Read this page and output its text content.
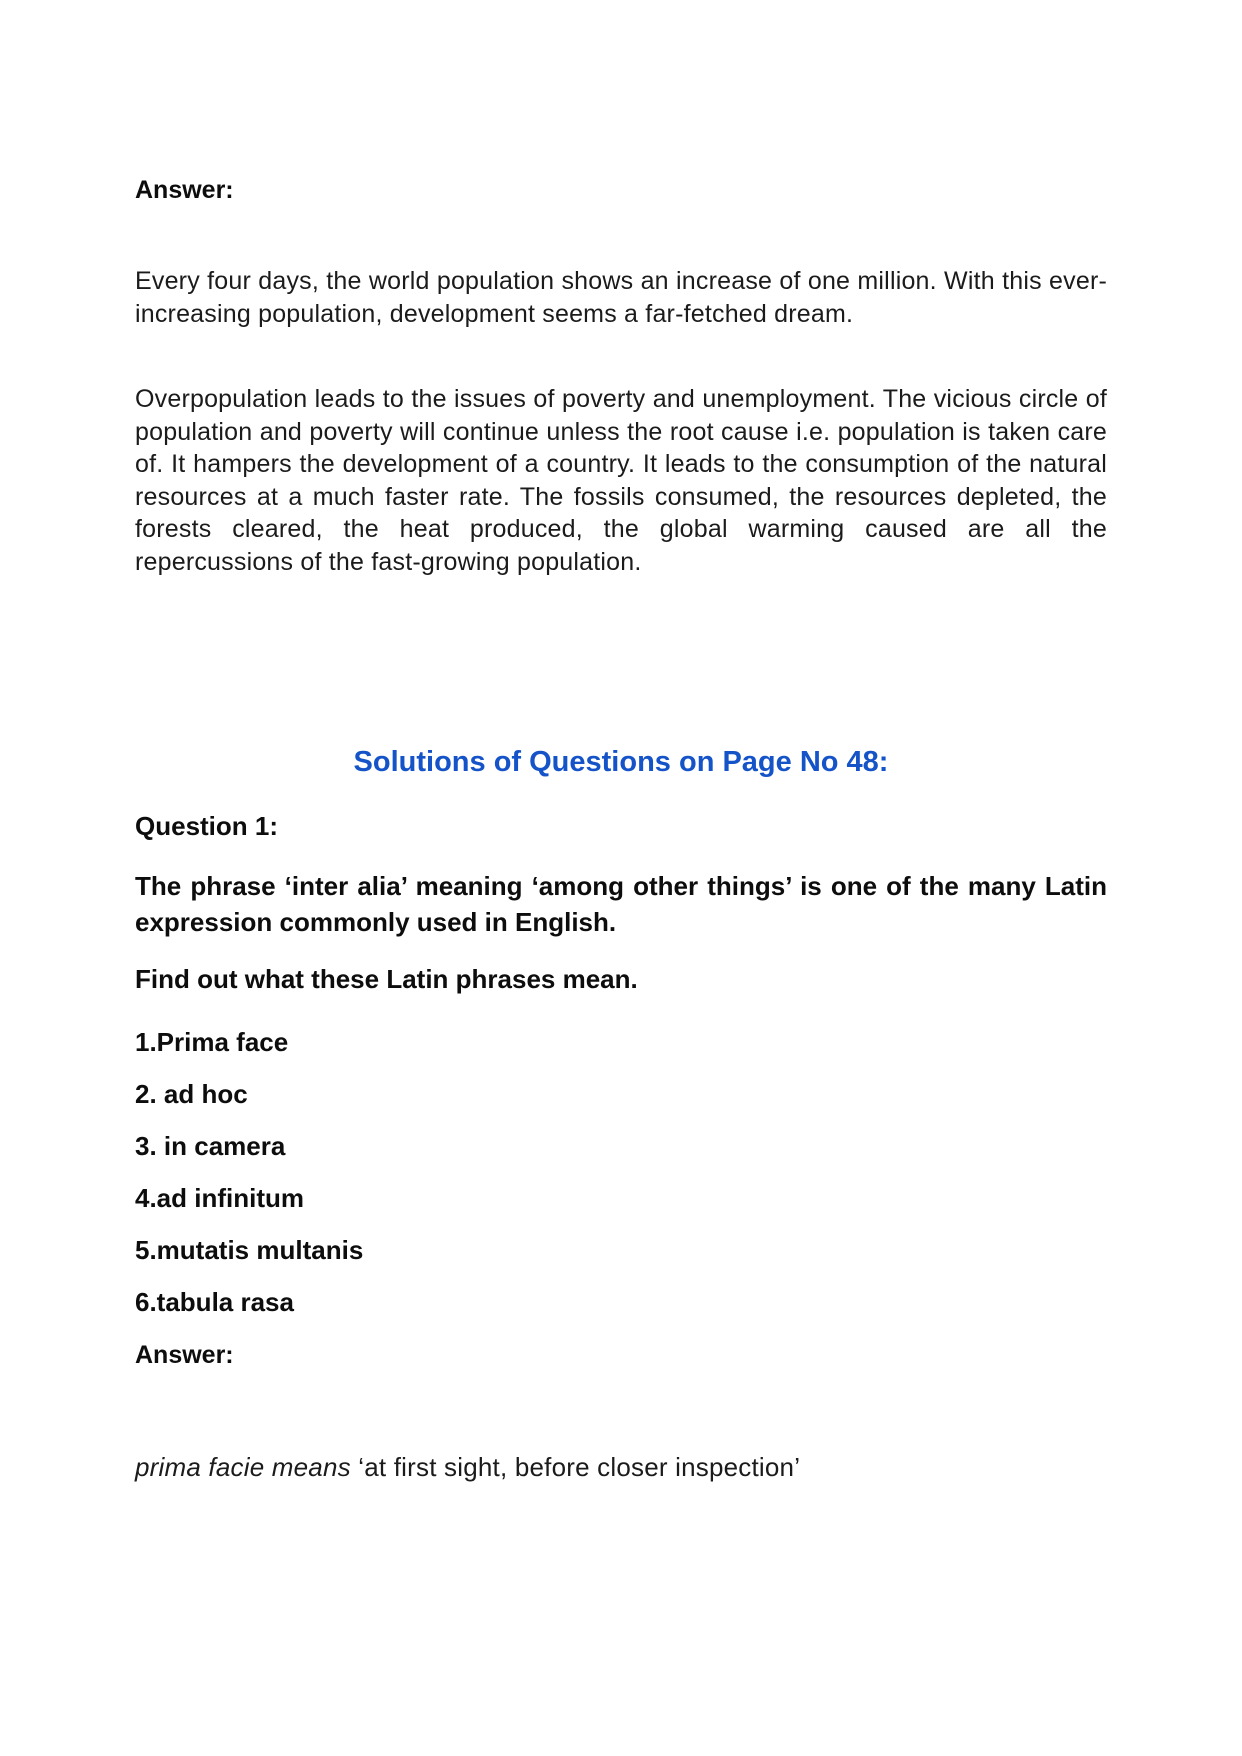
Answer:

Every four days, the world population shows an increase of one million. With this ever-increasing population, development seems a far-fetched dream.

Overpopulation leads to the issues of poverty and unemployment. The vicious circle of population and poverty will continue unless the root cause i.e. population is taken care of. It hampers the development of a country. It leads to the consumption of the natural resources at a much faster rate. The fossils consumed, the resources depleted, the forests cleared, the heat produced, the global warming caused are all the repercussions of the fast-growing population.

Solutions of Questions on Page No 48:
Question 1:

The phrase ‘inter alia’ meaning ‘among other things’ is one of the many Latin expression commonly used in English.

Find out what these Latin phrases mean.
1.Prima face
2. ad hoc
3. in camera
4.ad infinitum
5.mutatis multanis
6.tabula rasa
Answer:

prima facie means ‘at first sight, before closer inspection’
